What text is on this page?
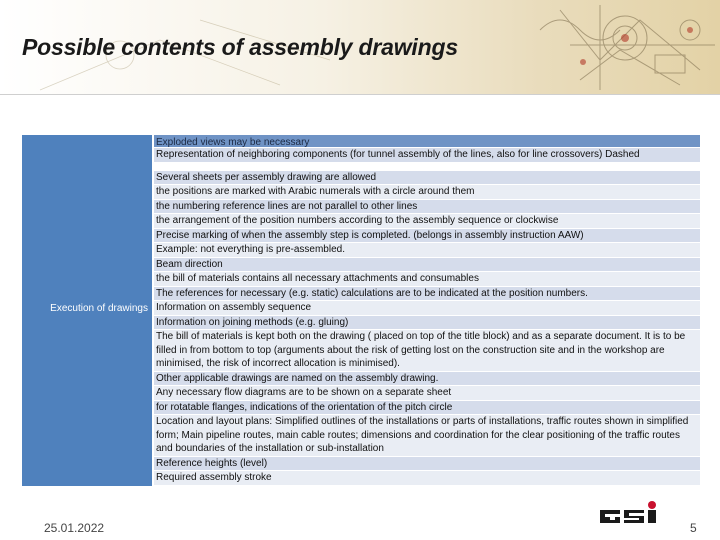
Possible contents of assembly drawings
Execution of drawings
Exploded views may be necessary
Representation of neighboring components (for tunnel assembly of the lines, also for line crossovers) Dashed
Several sheets per assembly drawing are allowed
the positions are marked with Arabic numerals with a circle around them
the numbering reference lines are not parallel to other lines
the arrangement of the position numbers according to the assembly sequence or clockwise
Precise marking of when the assembly step is completed. (belongs in assembly instruction AAW)
Example: not everything is pre-assembled.
Beam direction
the bill of materials contains all necessary attachments and consumables
The references for necessary (e.g. static) calculations are to be indicated at the position numbers.
Information on assembly sequence
Information on joining methods (e.g. gluing)
The bill of materials is kept both on the drawing ( placed on top of the title block) and as a separate document. It is to be filled in from bottom to top (arguments about the risk of getting lost on the construction site and in the workshop are minimised, the risk of incorrect allocation is minimised).
Other applicable drawings are named on the assembly drawing.
Any necessary flow diagrams are to be shown on a separate sheet
for rotatable flanges, indications of the orientation of the pitch circle
Location and layout plans: Simplified outlines of the installations or parts of installations, traffic routes shown in simplified form; Main pipeline routes, main cable routes; dimensions and coordination for the clear positioning of the traffic routes and boundaries of the installation or sub-installation
Reference heights (level)
Required assembly stroke
25.01.2022	5
